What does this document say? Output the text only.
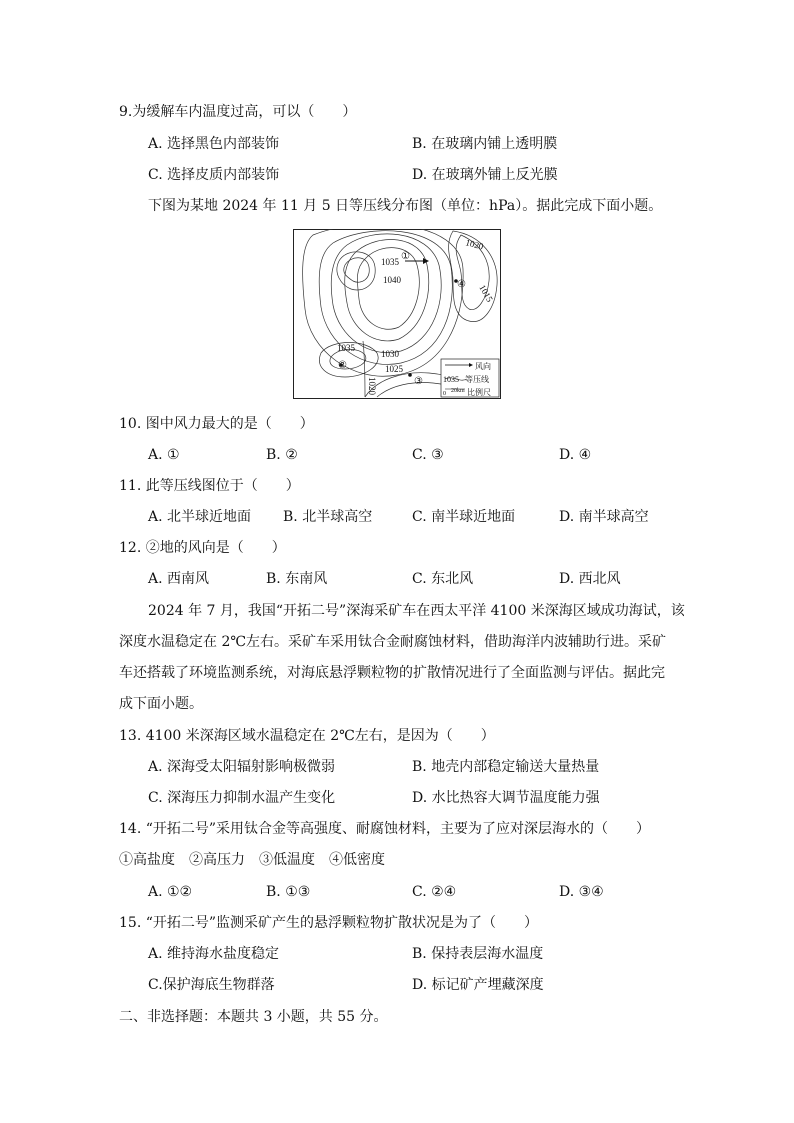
9.为缓解车内温度过高，可以（　　）
A. 选择黑色内部装饰	B. 在玻璃内铺上透明膜
C. 选择皮质内部装饰	D. 在玻璃外铺上反光膜
下图为某地 2024 年 11 月 5 日等压线分布图（单位：hPa）。据此完成下面小题。
1035
1040
1020
1015
1035
1030
1025
1020
①
②
③
④
风向
1035 等压线
0 20km 比例尺
10. 图中风力最大的是（　　）
A. ①	B. ②	C. ③	D. ④
11. 此等压线图位于（　　）
A. 北半球近地面 B. 北半球高空	C. 南半球近地面	D. 南半球高空
12. ②地的风向是（　　）
A. 西南风	B. 东南风	C. 东北风	D. 西北风
2024 年 7 月，我国“开拓二号”深海采矿车在西太平洋 4100 米深海区域成功海试，该
深度水温稳定在 2℃左右。采矿车采用钛合金耐腐蚀材料，借助海洋内波辅助行进。采矿
车还搭载了环境监测系统，对海底悬浮颗粒物的扩散情况进行了全面监测与评估。据此完
成下面小题。
13. 4100 米深海区域水温稳定在 2℃左右，是因为（　　）
A. 深海受太阳辐射影响极微弱	B. 地壳内部稳定输送大量热量
C. 深海压力抑制水温产生变化	D. 水比热容大调节温度能力强
14. “开拓二号”采用钛合金等高强度、耐腐蚀材料，主要为了应对深层海水的（　　）
①高盐度　②高压力　③低温度　④低密度
A. ①②	B. ①③	C. ②④	D. ③④
15. “开拓二号”监测采矿产生的悬浮颗粒物扩散状况是为了（　　）
A. 维持海水盐度稳定	B. 保持表层海水温度
C.保护海底生物群落	D. 标记矿产埋藏深度
二、非选择题：本题共 3 小题，共 55 分。
